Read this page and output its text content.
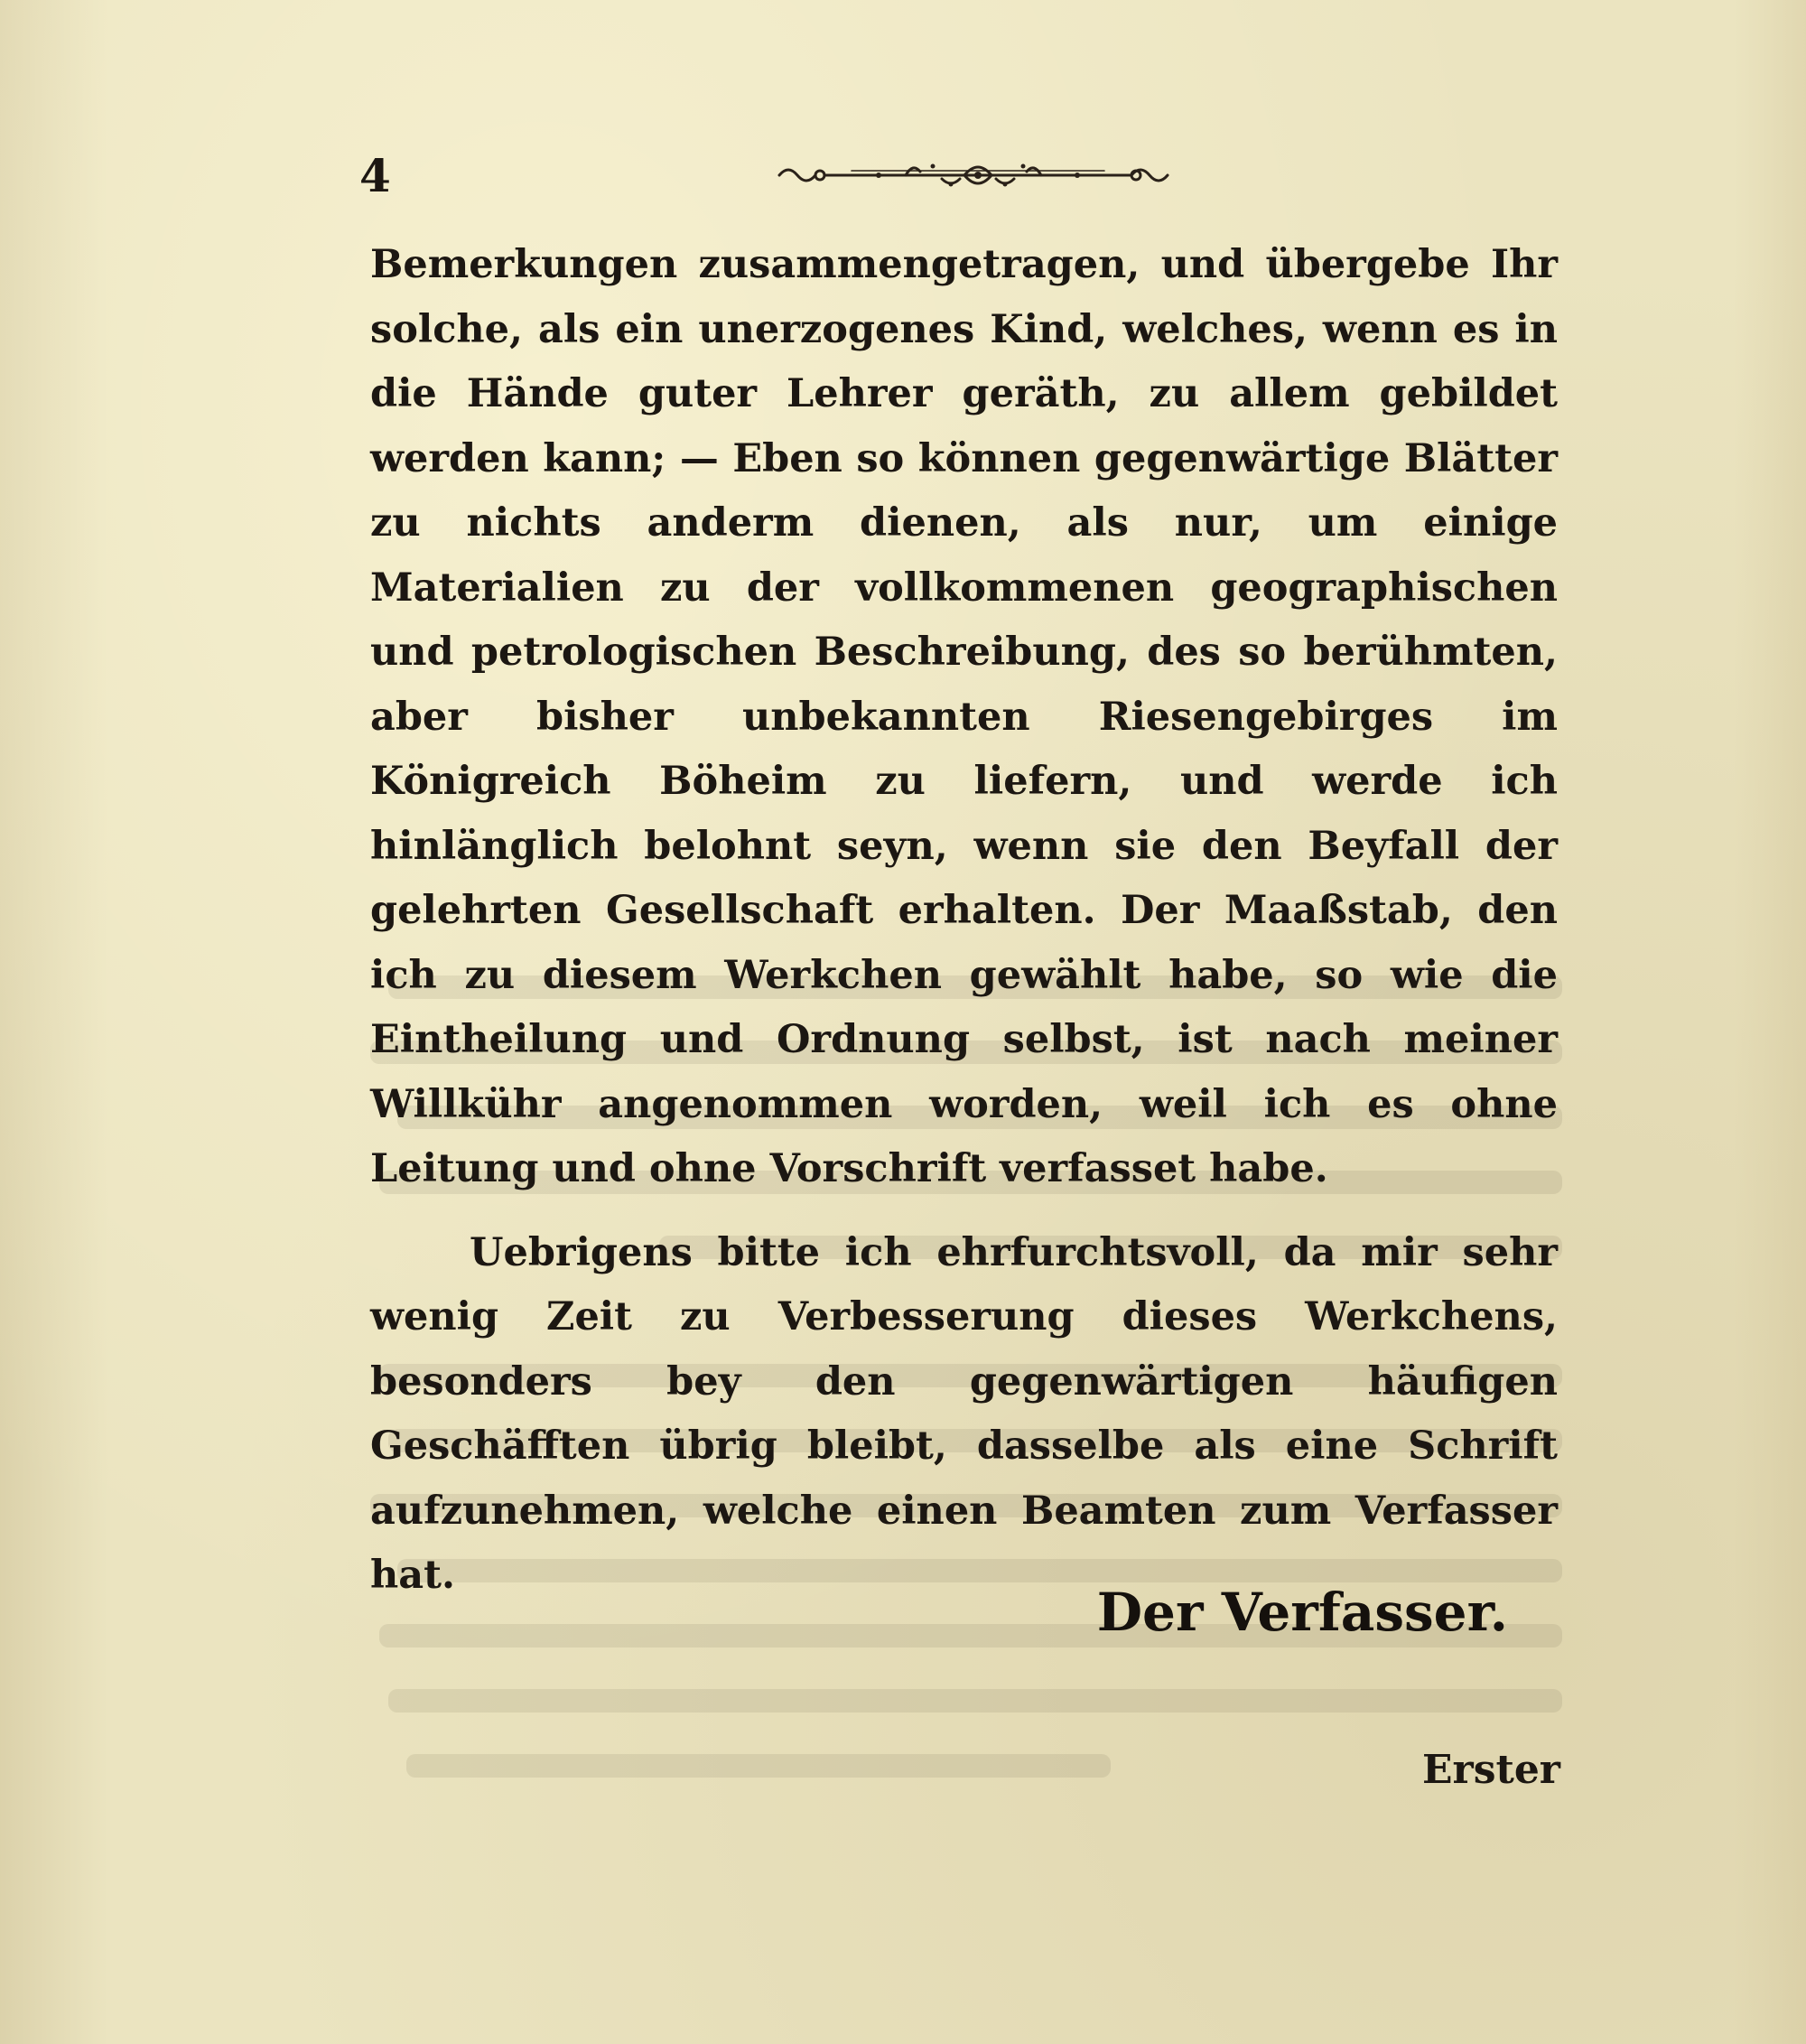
4

Bemerkungen zusammengetragen, und übergebe Ihr solche, als ein unerzogenes Kind, welches, wenn es in die Hände guter Lehrer geräth, zu allem gebildet werden kann; — Eben so können gegenwärtige Blätter zu nichts anderm dienen, als nur, um einige Materialien zu der vollkommenen geographischen und petrologischen Beschreibung, des so berühmten, aber bisher unbekannten Riesengebirges im Königreich Böheim zu liefern, und werde ich hinlänglich belohnt seyn, wenn sie den Beyfall der gelehrten Gesellschaft erhalten. Der Maaßstab, den ich zu diesem Werkchen gewählt habe, so wie die Eintheilung und Ordnung selbst, ist nach meiner Willkühr angenommen worden, weil ich es ohne Leitung und ohne Vorschrift verfasset habe.

Uebrigens bitte ich ehrfurchtsvoll, da mir sehr wenig Zeit zu Verbesserung dieses Werkchens, besonders bey den gegenwärtigen häufigen Geschäfften übrig bleibt, dasselbe als eine Schrift aufzunehmen, welche einen Beamten zum Verfasser hat.

Der Verfasser.
Erster
